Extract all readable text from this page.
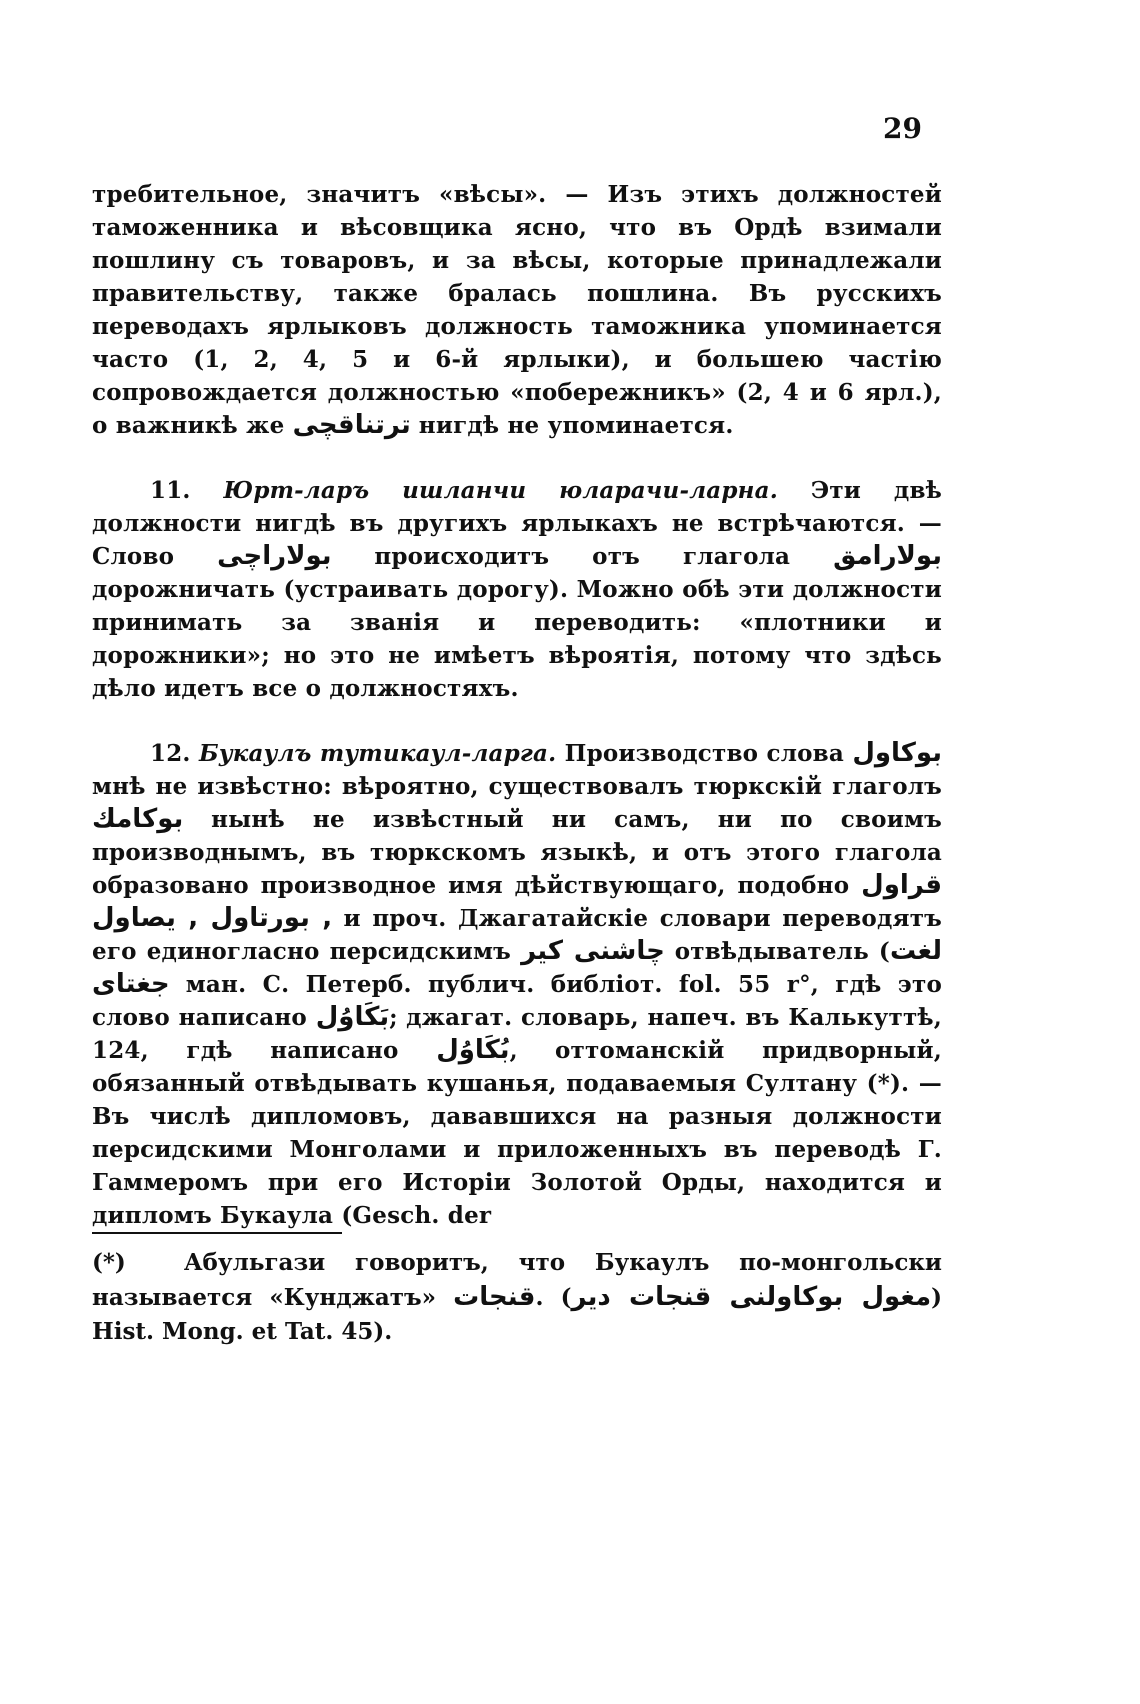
29

требительное, значитъ «вѣсы». — Изъ этихъ должностей таможенника и вѣсовщика ясно, что въ Ордѣ взимали пошлину съ товаровъ, и за вѣсы, которые принадлежали правительству, также бралась пошлина. Въ русскихъ переводахъ ярлыковъ должность таможника упоминается часто (1, 2, 4, 5 и 6-й ярлыки), и большею частію сопровождается должностью «побережникъ» (2, 4 и 6 ярл.), о важникѣ же ترتناقچى нигдѣ не упоминается.

11. Юрт-ларъ ишланчи юларачи-ларна. Эти двѣ должности нигдѣ въ другихъ ярлыкахъ не встрѣчаются. — Слово بولاراچى происходитъ отъ глагола بولارامق дорожничать (устраивать дорогу). Можно обѣ эти должности принимать за званія и переводить: «плотники и дорожники»; но это не имѣетъ вѣроятія, потому что здѣсь дѣло идетъ все о должностяхъ.

12. Букаулъ тутикаул-ларга. Производство слова بوكاول мнѣ не извѣстно: вѣроятно, существовалъ тюркскій глаголъ بوكامك нынѣ не извѣстный ни самъ, ни по своимъ производнымъ, въ тюркскомъ языкѣ, и отъ этого глагола образовано производное имя дѣйствующаго, подобно قراول , بورتاول , يصاول и проч. Джагатайскіе словари переводятъ его единогласно персидскимъ چاشنى كير отвѣдыватель (لغت جغتاى ман. С. Петерб. публич. библіот. fol. 55 r°, гдѣ это слово написано بَكَاوُل; джагат. словарь, напеч. въ Калькуттѣ, 124, гдѣ написано بُكَاوُل, оттоманскій придворный, обязанный отвѣдывать кушанья, подаваемыя Султану (*). — Въ числѣ дипломовъ, дававшихся на разныя должности персидскими Монголами и приложенныхъ въ переводѣ Г. Гаммеромъ при его Исторіи Золотой Орды, находится и дипломъ Букаула (Gesch. der

(*)	Абульгази говоритъ, что Букаулъ по-монгольски называется «Кунджатъ» قنجات. (مغول بوكاولنى قنجات دير) Hist. Mong. et Tat. 45).
